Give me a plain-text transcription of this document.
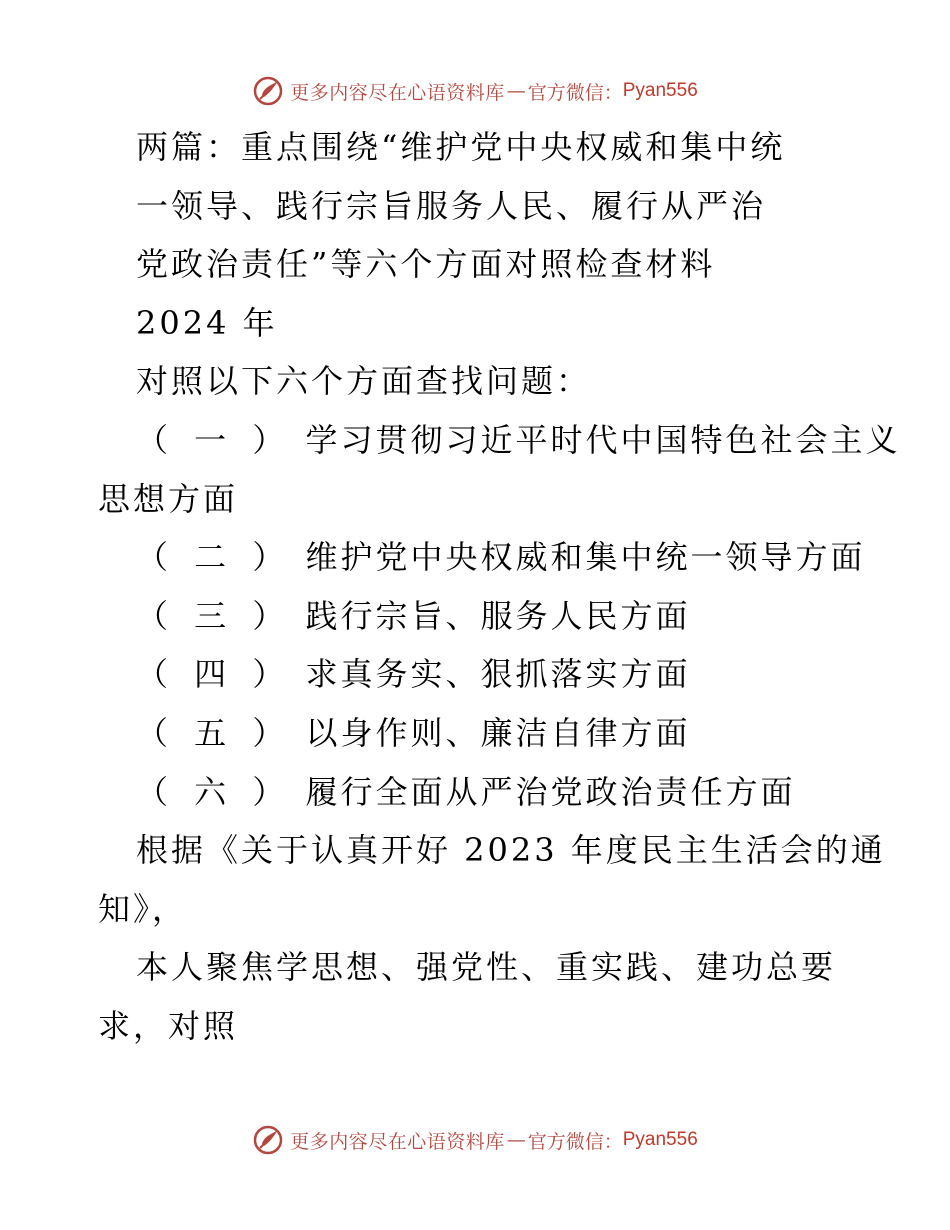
更多内容尽在心语资料库 — 官方微信： Pyan556
两篇：重点围绕“维护党中央权威和集中统
一领导、践行宗旨服务人民、履行从严治
党政治责任”等六个方面对照检查材料
2024 年
对照以下六个方面查找问题：
（ 一 ） 学习贯彻习近平时代中国特色社会主义
思想方面
（ 二 ） 维护党中央权威和集中统一领导方面
（ 三 ） 践行宗旨、服务人民方面
（ 四 ） 求真务实、狠抓落实方面
（ 五 ） 以身作则、廉洁自律方面
（ 六 ） 履行全面从严治党政治责任方面
根据《关于认真开好 2023 年度民主生活会的通
知》，
本人聚焦学思想、强党性、重实践、建功总要
求，对照
更多内容尽在心语资料库 — 官方微信： Pyan556
